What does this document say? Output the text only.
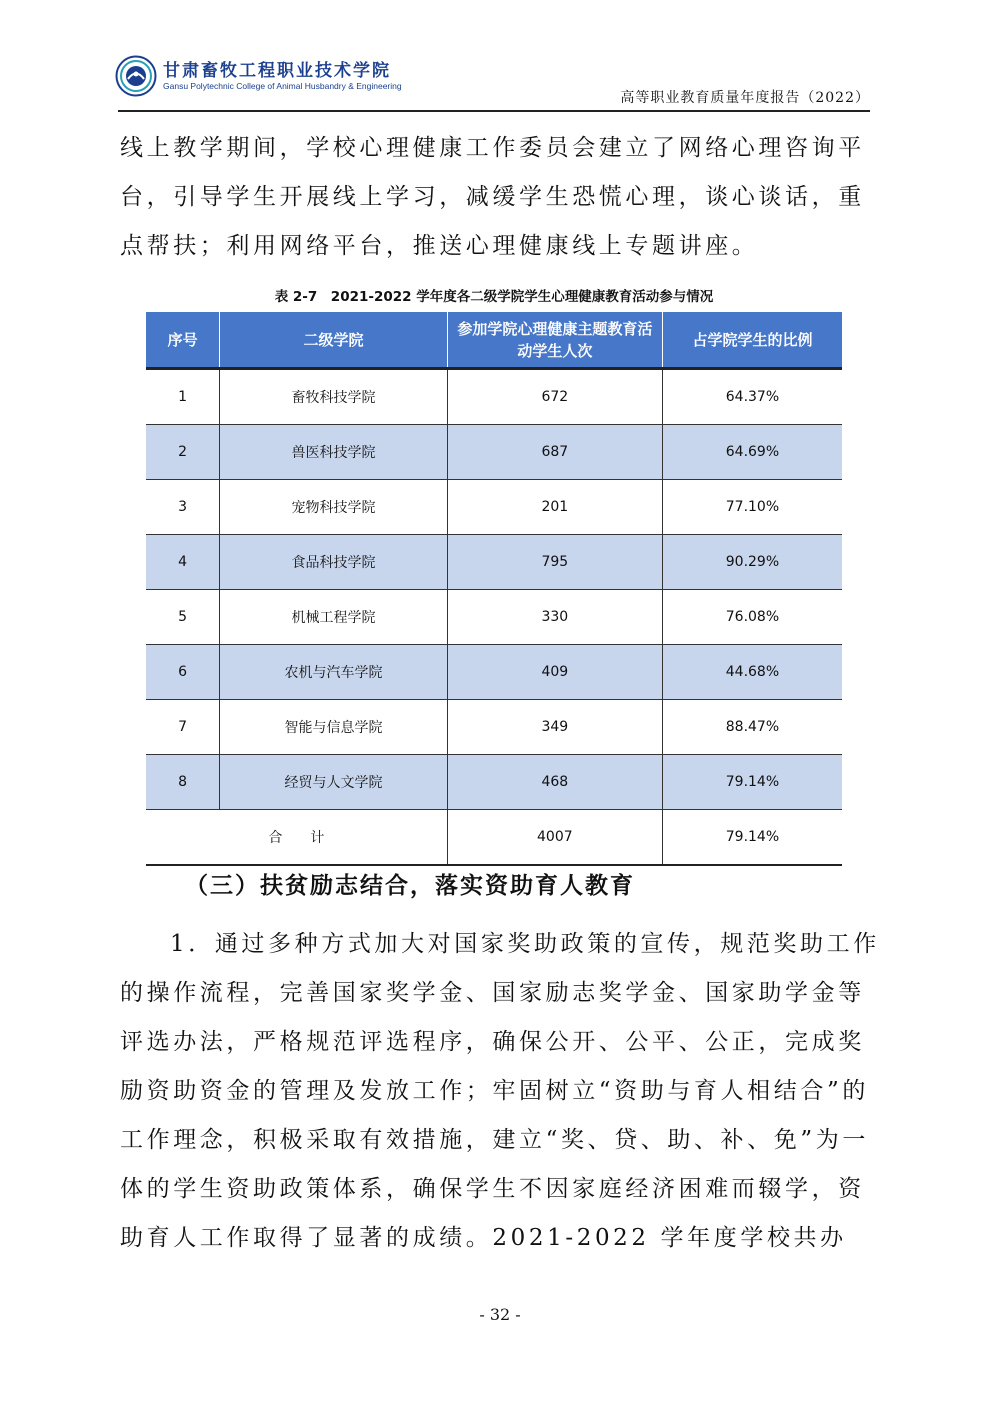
甘肃畜牧工程职业技术学院
Gansu Polytechnic College of Animal Husbandry & Engineering
高等职业教育质量年度报告（2022）
线上教学期间，学校心理健康工作委员会建立了网络心理咨询平台，引导学生开展线上学习，减缓学生恐慌心理，谈心谈话，重点帮扶；利用网络平台，推送心理健康线上专题讲座。
表 2-7　2021-2022 学年度各二级学院学生心理健康教育活动参与情况
序号	二级学院	参加学院心理健康主题教育活动学生人次	占学院学生的比例
1	畜牧科技学院	672	64.37%
2	兽医科技学院	687	64.69%
3	宠物科技学院	201	77.10%
4	食品科技学院	795	90.29%
5	机械工程学院	330	76.08%
6	农机与汽车学院	409	44.68%
7	智能与信息学院	349	88.47%
8	经贸与人文学院	468	79.14%
合　　计		4007	79.14%
（三）扶贫励志结合，落实资助育人教育
1．通过多种方式加大对国家奖助政策的宣传，规范奖助工作的操作流程，完善国家奖学金、国家励志奖学金、国家助学金等评选办法，严格规范评选程序，确保公开、公平、公正，完成奖励资助资金的管理及发放工作；牢固树立“资助与育人相结合”的工作理念，积极采取有效措施，建立“奖、贷、助、补、免”为一体的学生资助政策体系，确保学生不因家庭经济困难而辍学，资助育人工作取得了显著的成绩。2021-2022 学年度学校共办
- 32 -
